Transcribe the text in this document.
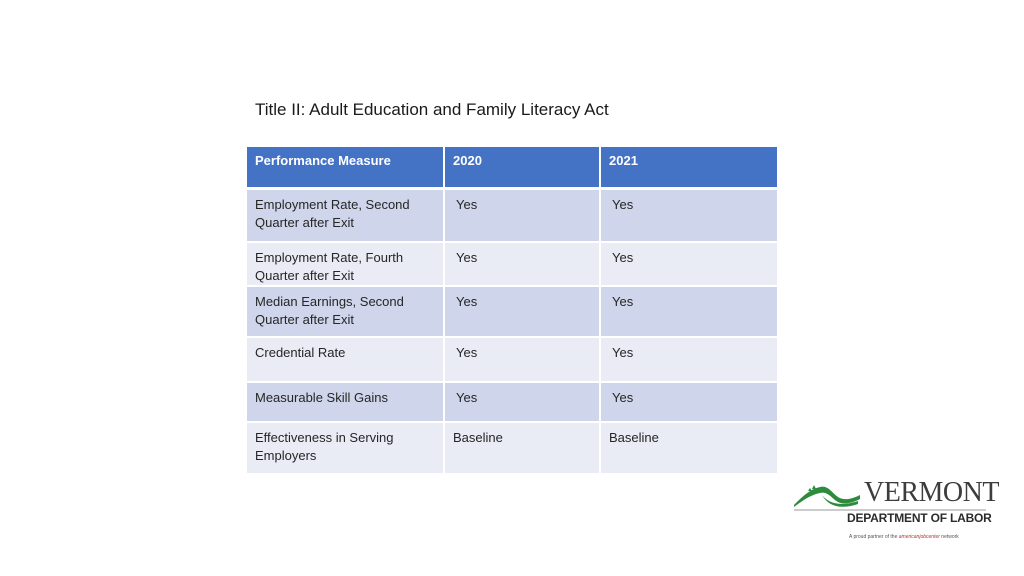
Title II: Adult Education and Family Literacy Act
Performance Measure	2020	2021
Employment Rate, Second Quarter after Exit	Yes	Yes
Employment Rate, Fourth Quarter after Exit	Yes	Yes
Median Earnings, Second Quarter after Exit	Yes	Yes
Credential Rate	Yes	Yes
Measurable Skill Gains	Yes	Yes
Effectiveness in Serving Employers	Baseline	Baseline
VERMONT
DEPARTMENT OF LABOR
A proud partner of the americanjobcenter network
